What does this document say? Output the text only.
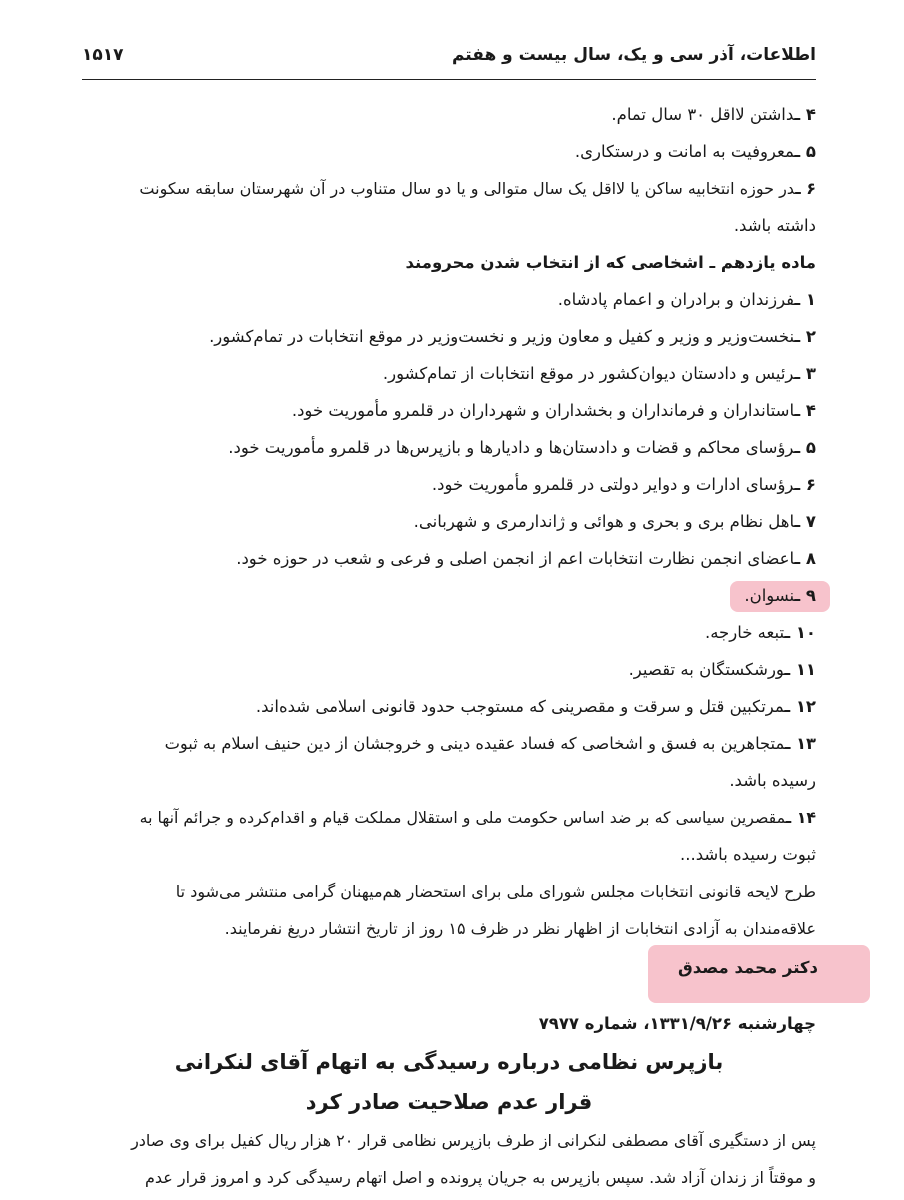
۱۵۱۷	اطلاعات، آذر سی و یک، سال بیست و هفتم
۴ ـداشتن لااقل ۳۰ سال تمام.
۵ ـمعروفیت به امانت و درستکاری.
۶ ـدر حوزه انتخابیه ساکن یا لااقل یک سال متوالی و یا دو سال متناوب در آن شهرستان سابقه سکونت
داشته باشد.
ماده یازدهم ـ اشخاصی که از انتخاب شدن محرومند
۱ ـفرزندان و برادران و اعمام پادشاه.
۲ ـنخست‌وزیر و وزیر و کفیل و معاون وزیر و نخست‌وزیر در موقع انتخابات در تمام‌کشور.
۳ ـرئیس و دادستان دیوان‌کشور در موقع انتخابات از تمام‌کشور.
۴ ـاستانداران و فرمانداران و بخشداران و شهرداران در قلمرو مأموریت خود.
۵ ـرؤسای محاکم و قضات و دادستان‌ها و دادیارها و بازپرس‌ها در قلمرو مأموریت خود.
۶ ـرؤسای ادارات و دوایر دولتی در قلمرو مأموریت خود.
۷ ـاهل نظام بری و بحری و هوائی و ژاندارمری و شهربانی.
۸ ـاعضای انجمن نظارت انتخابات اعم از انجمن اصلی و فرعی و شعب در حوزه خود.
۹ ـنسوان.
۱۰ ـتبعه خارجه.
۱۱ ـورشکستگان به تقصیر.
۱۲ ـمرتکبین قتل و سرقت و مقصرینی که مستوجب حدود قانونی اسلامی شده‌اند.
۱۳ ـمتجاهرین به فسق و اشخاصی که فساد عقیده دینی و خروجشان از دین حنیف اسلام به ثبوت
رسیده باشد.
۱۴ ـمقصرین سیاسی که بر ضد اساس حکومت ملی و استقلال مملکت قیام و اقدام‌کرده و جرائم آنها به
ثبوت رسیده باشد...
طرح لایحه قانونی انتخابات مجلس شورای ملی برای استحضار هم‌میهنان گرامی منتشر می‌شود تا
علاقه‌مندان به آزادی انتخابات از اظهار نظر در ظرف ۱۵ روز از تاریخ انتشار دریغ نفرمایند.
دکتر محمد مصدق
چهارشنبه ۱۳۳۱/۹/۲۶، شماره ۷۹۷۷
بازپرس نظامی درباره رسیدگی به اتهام آقای لنکرانی
قرار عدم صلاحیت صادر کرد
پس از دستگیری آقای مصطفی لنکرانی از طرف بازپرس نظامی قرار ۲۰ هزار ریال کفیل برای وی صادر
و موقتاً از زندان آزاد شد. سپس بازپرس به جریان پرونده و اصل اتهام رسیدگی کرد و امروز قرار عدم
